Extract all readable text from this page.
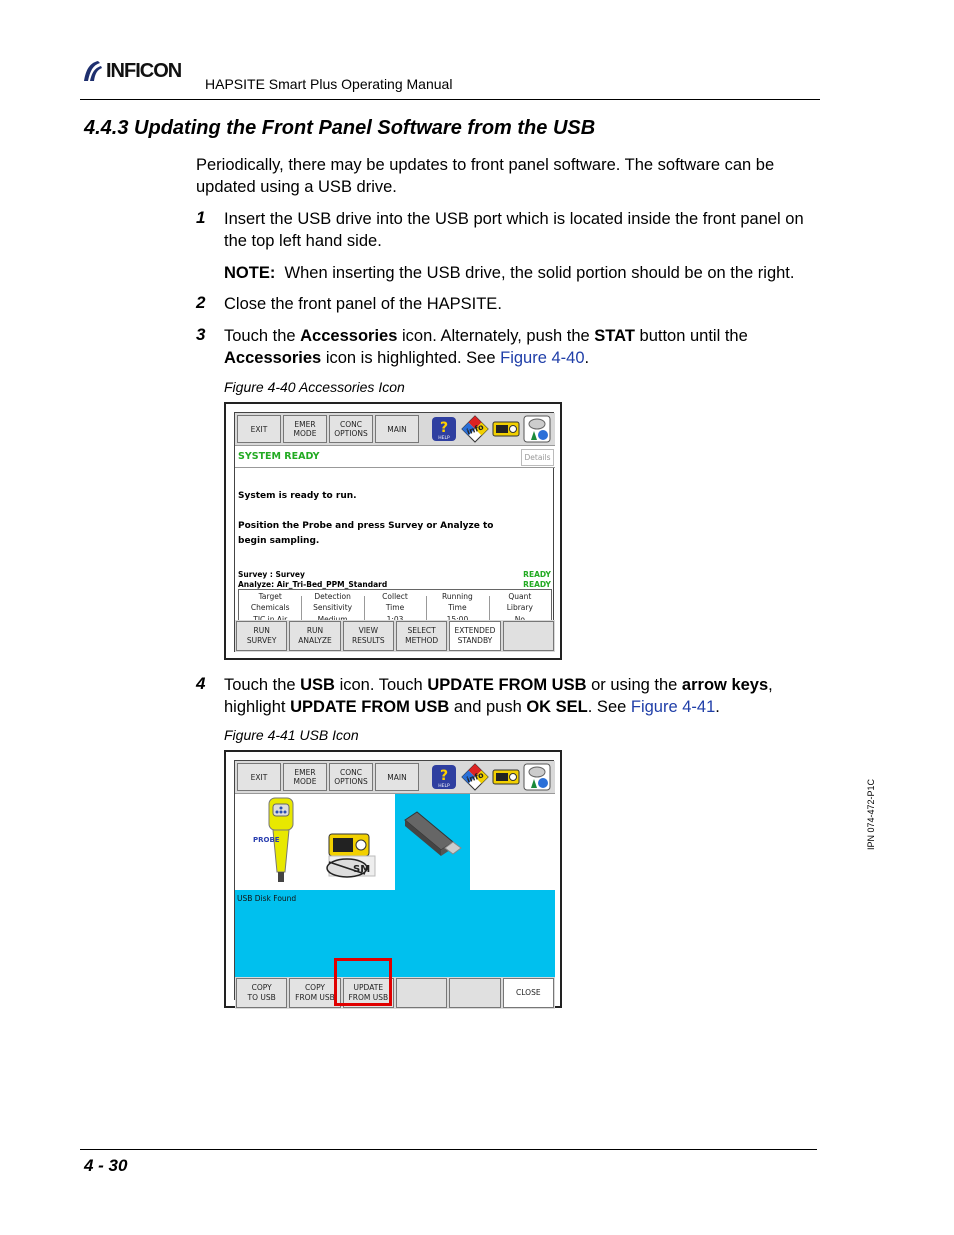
INFICON
HAPSITE Smart Plus Operating Manual
4.4.3 Updating the Front Panel Software from the USB
Periodically, there may be updates to front panel software. The software can be updated using a USB drive.
1 Insert the USB drive into the USB port which is located inside the front panel on the top left hand side.
NOTE: When inserting the USB drive, the solid portion should be on the right.
2 Close the front panel of the HAPSITE.
3 Touch the Accessories icon. Alternately, push the STAT button until the Accessories icon is highlighted. See Figure 4-40.
Figure 4-40 Accessories Icon
EXIT	EMER
MODE
CONC
OPTIONS	MAIN ?
HELP
info
SYSTEM READY	Details
System is ready to run.
Position the Probe and press Survey or Analyze to
begin sampling.
Survey : Survey
Analyze: Air_Tri-Bed_PPM_Standard
READY
READY
Target
Chemicals
Detection
Sensitivity
Collect
Time
Running
Time
Quant
Library
RUN
SURVEY
RUN
ANALYZE
VIEW
RESULTS
SELECT
METHOD
EXTENDED
STANDBY
4 Touch the USB icon. Touch UPDATE FROM USB or using the arrow keys, highlight UPDATE FROM USB and push OK SEL. See Figure 4-41.
Figure 4-41 USB Icon
EXIT	EMER
MODE
CONC
OPTIONS	MAIN ?
HELP
info
PROBE
SM
USB Disk Found
COPY
TO USB
COPY
FROM USB
UPDATE
FROM USB
CLOSE
IPN 074-472-P1C
4 - 30
